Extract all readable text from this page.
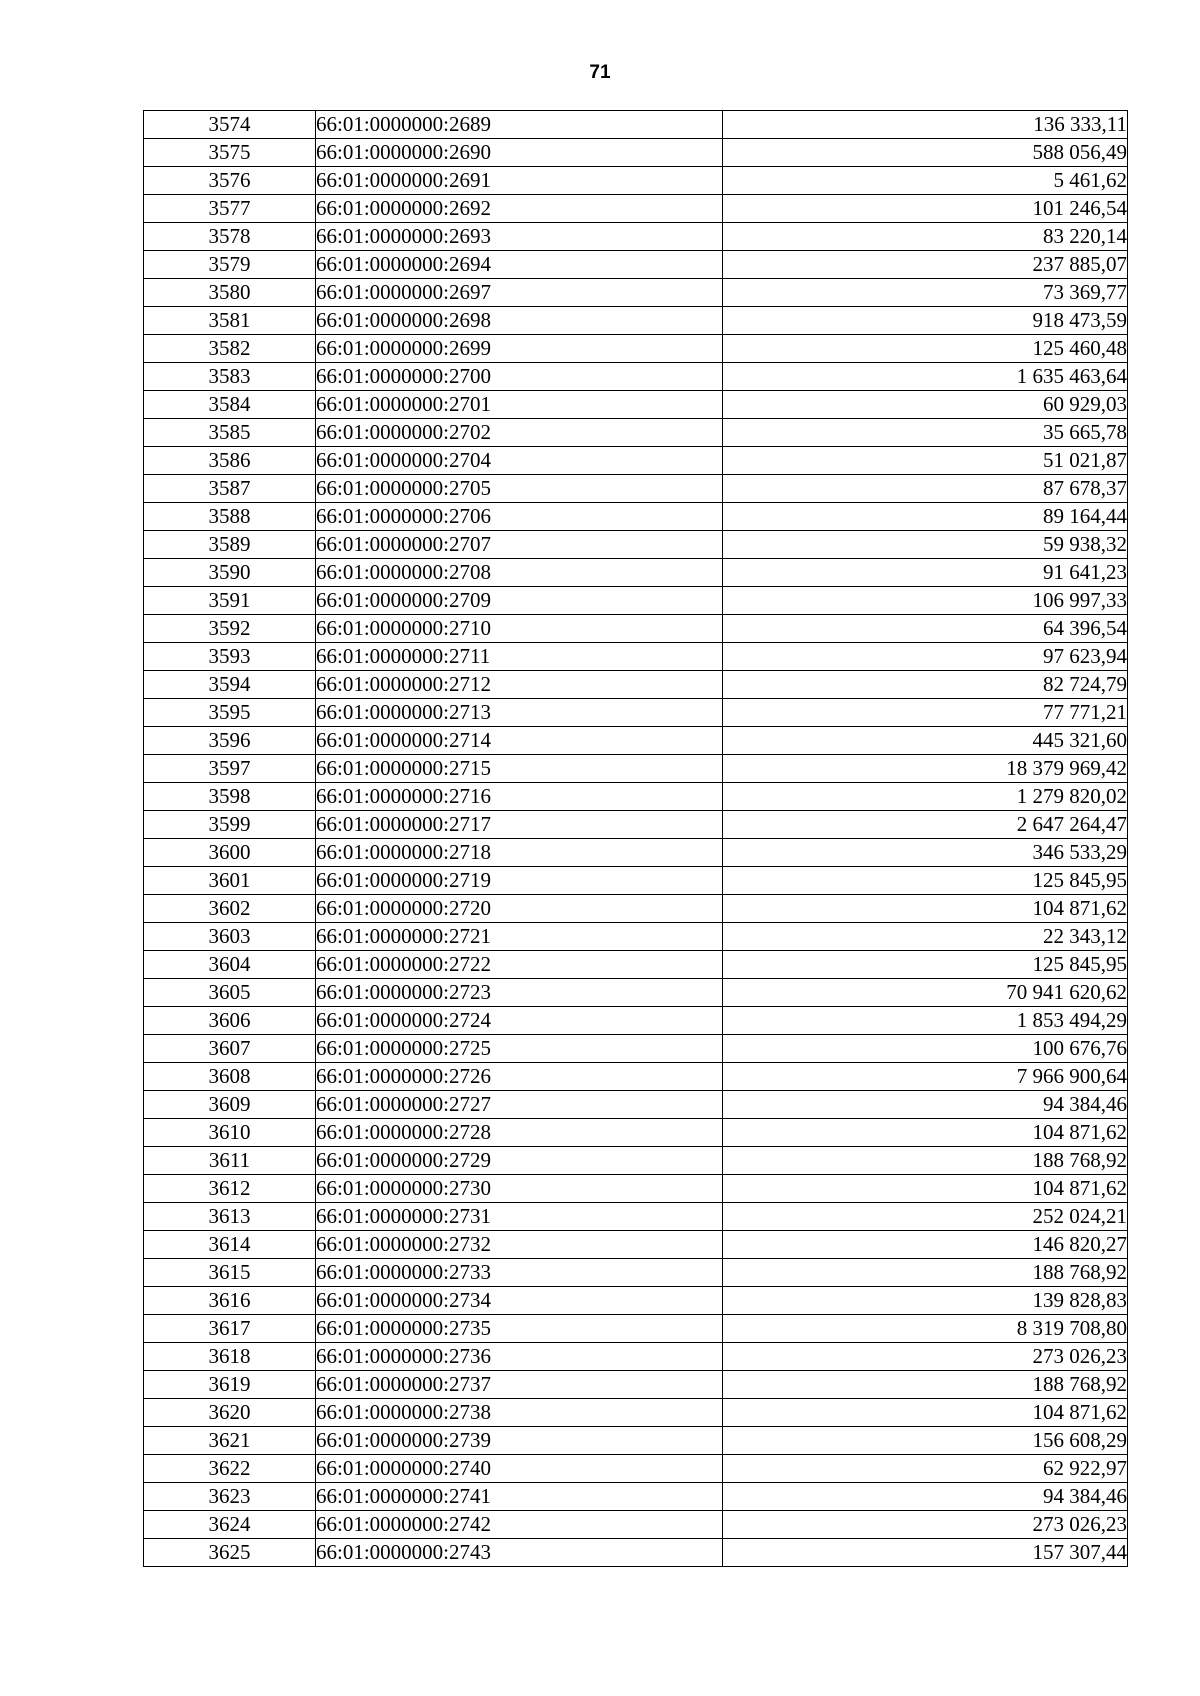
71
3574	66:01:0000000:2689	136 333,11
3575	66:01:0000000:2690	588 056,49
3576	66:01:0000000:2691	5 461,62
3577	66:01:0000000:2692	101 246,54
3578	66:01:0000000:2693	83 220,14
3579	66:01:0000000:2694	237 885,07
3580	66:01:0000000:2697	73 369,77
3581	66:01:0000000:2698	918 473,59
3582	66:01:0000000:2699	125 460,48
3583	66:01:0000000:2700	1 635 463,64
3584	66:01:0000000:2701	60 929,03
3585	66:01:0000000:2702	35 665,78
3586	66:01:0000000:2704	51 021,87
3587	66:01:0000000:2705	87 678,37
3588	66:01:0000000:2706	89 164,44
3589	66:01:0000000:2707	59 938,32
3590	66:01:0000000:2708	91 641,23
3591	66:01:0000000:2709	106 997,33
3592	66:01:0000000:2710	64 396,54
3593	66:01:0000000:2711	97 623,94
3594	66:01:0000000:2712	82 724,79
3595	66:01:0000000:2713	77 771,21
3596	66:01:0000000:2714	445 321,60
3597	66:01:0000000:2715	18 379 969,42
3598	66:01:0000000:2716	1 279 820,02
3599	66:01:0000000:2717	2 647 264,47
3600	66:01:0000000:2718	346 533,29
3601	66:01:0000000:2719	125 845,95
3602	66:01:0000000:2720	104 871,62
3603	66:01:0000000:2721	22 343,12
3604	66:01:0000000:2722	125 845,95
3605	66:01:0000000:2723	70 941 620,62
3606	66:01:0000000:2724	1 853 494,29
3607	66:01:0000000:2725	100 676,76
3608	66:01:0000000:2726	7 966 900,64
3609	66:01:0000000:2727	94 384,46
3610	66:01:0000000:2728	104 871,62
3611	66:01:0000000:2729	188 768,92
3612	66:01:0000000:2730	104 871,62
3613	66:01:0000000:2731	252 024,21
3614	66:01:0000000:2732	146 820,27
3615	66:01:0000000:2733	188 768,92
3616	66:01:0000000:2734	139 828,83
3617	66:01:0000000:2735	8 319 708,80
3618	66:01:0000000:2736	273 026,23
3619	66:01:0000000:2737	188 768,92
3620	66:01:0000000:2738	104 871,62
3621	66:01:0000000:2739	156 608,29
3622	66:01:0000000:2740	62 922,97
3623	66:01:0000000:2741	94 384,46
3624	66:01:0000000:2742	273 026,23
3625	66:01:0000000:2743	157 307,44
